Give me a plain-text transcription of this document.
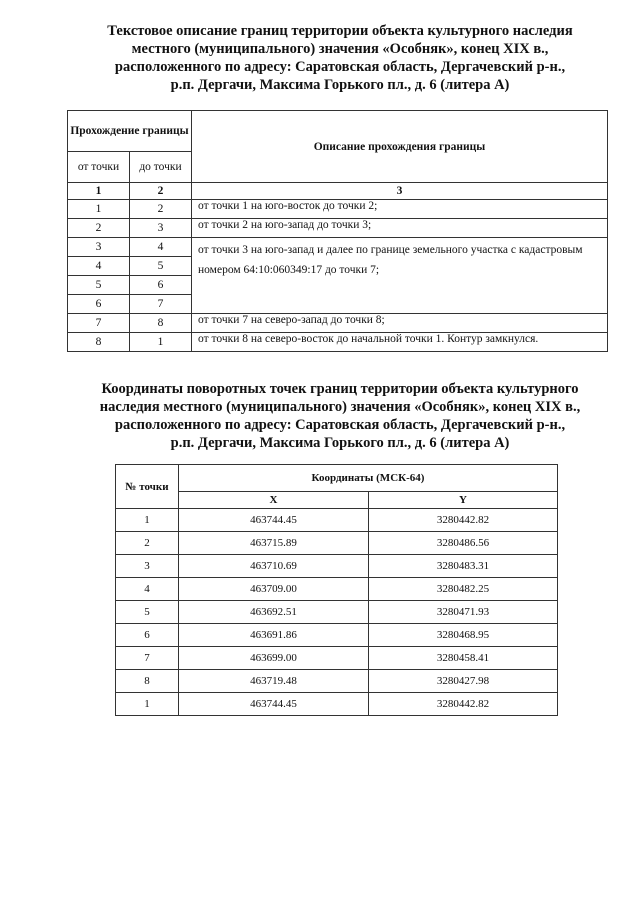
Текстовое описание границ территории объекта культурного наследия
местного (муниципального) значения «Особняк», конец XIX в.,
расположенного по адресу: Саратовская область, Дергачевский р-н.,
р.п. Дергачи, Максима Горького пл., д. 6 (литера А)
Прохождение границы		Описание прохождения границы
от точки	до точки	
1	2	3
1	2	от точки 1 на юго-восток до точки 2;
2	3	от точки 2 на юго-запад до точки 3;
3	4	от точки 3 на юго-запад и далее по границе земельного участка с кадастровым номером 64:10:060349:17 до точки 7;
4	5	
5	6	
6	7	
7	8	от точки 7 на северо-запад до точки 8;
8	1	от точки 8 на северо-восток до начальной точки 1. Контур замкнулся.
Координаты поворотных точек границ территории объекта культурного
наследия местного (муниципального) значения «Особняк», конец XIX в.,
расположенного по адресу: Саратовская область, Дергачевский р-н.,
р.п. Дергачи, Максима Горького пл., д. 6 (литера А)
№ точки	Координаты (МСК-64)	
	X	Y
1	463744.45	3280442.82
2	463715.89	3280486.56
3	463710.69	3280483.31
4	463709.00	3280482.25
5	463692.51	3280471.93
6	463691.86	3280468.95
7	463699.00	3280458.41
8	463719.48	3280427.98
1	463744.45	3280442.82
